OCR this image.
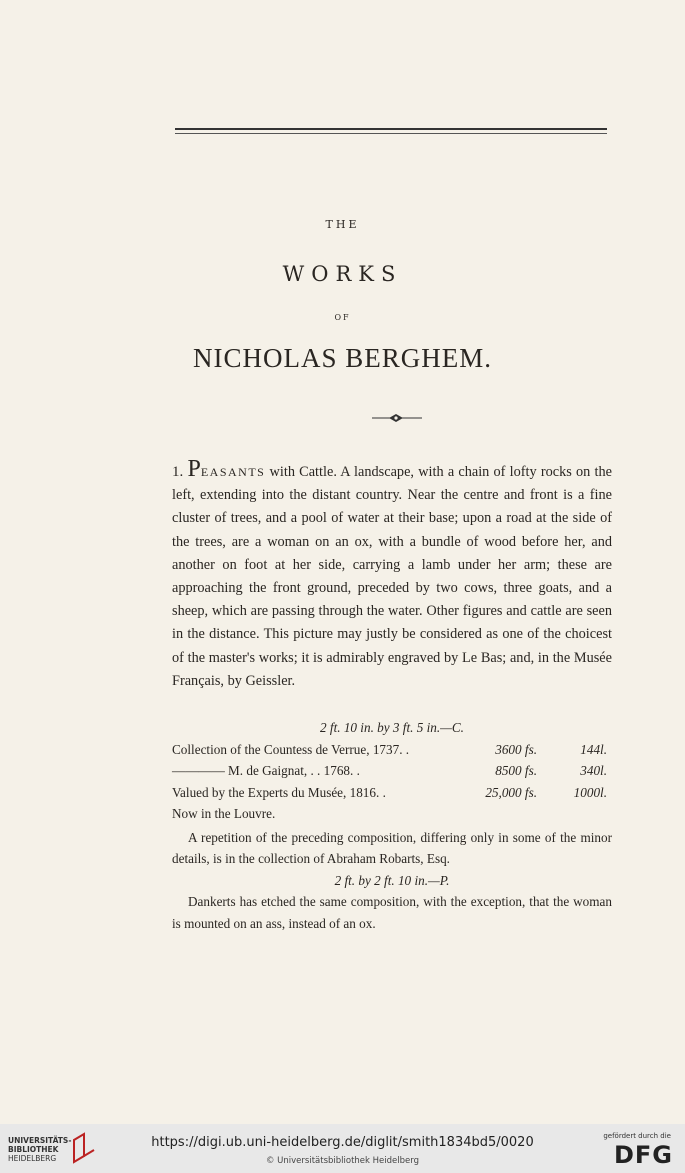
THE
WORKS
OF
NICHOLAS BERGHEM.

1. PEASANTS with Cattle. A landscape, with a chain of lofty rocks on the left, extending into the distant country. Near the centre and front is a fine cluster of trees, and a pool of water at their base; upon a road at the side of the trees, are a woman on an ox, with a bundle of wood before her, and another on foot at her side, carrying a lamb under her arm; these are approaching the front ground, preceded by two cows, three goats, and a sheep, which are passing through the water. Other figures and cattle are seen in the distance. This picture may justly be considered as one of the choicest of the master's works; it is admirably engraved by Le Bas; and, in the Musée Français, by Geissler.

2 ft. 10 in. by 3 ft. 5 in.—C.
Collection of the Countess de Verrue, 1737. .	3600 fs.	144l.
———— M. de Gaignat, . . 1768. .	8500 fs.	340l.
Valued by the Experts du Musée, 1816. .	25,000 fs.	1000l.
Now in the Louvre.
A repetition of the preceding composition, differing only in some of the minor details, is in the collection of Abraham Robarts, Esq.
2 ft. by 2 ft. 10 in.—P.
Dankerts has etched the same composition, with the exception, that the woman is mounted on an ass, instead of an ox.
UNIVERSITÄTS-
BIBLIOTHEK
HEIDELBERG
https://digi.ub.uni-heidelberg.de/diglit/smith1834bd5/0020
© Universitätsbibliothek Heidelberg
gefördert durch die
DFG
